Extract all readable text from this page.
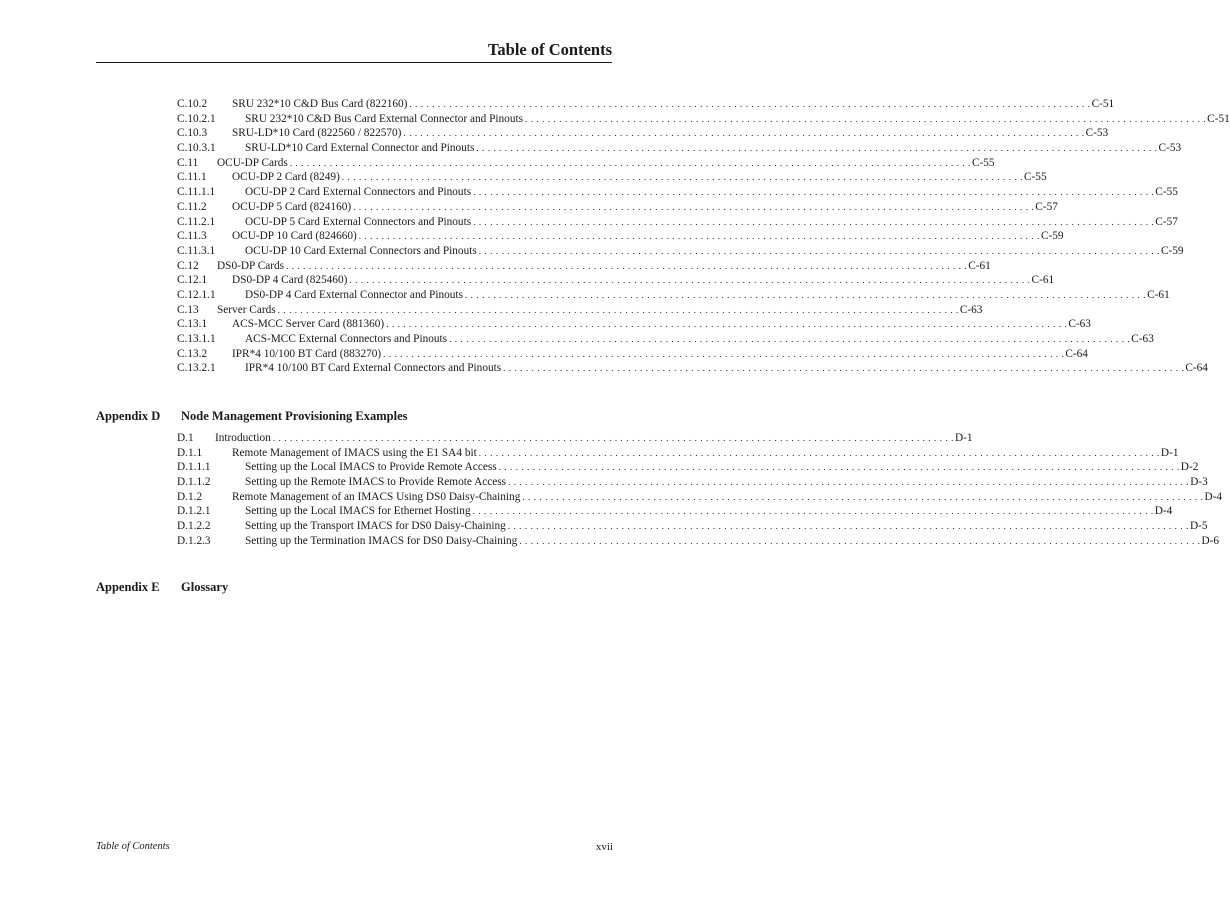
Table of Contents
C.10.2 SRU 232*10 C&D Bus Card (822160) . . . . . . . . . . . . . . . . . . . . . . . . . . . . . . . . . . . . . . . . . . . . . . . . . . . . . . . . . . . . . . . . . . . . . . . . . . . . . . . . . . . . . . . . . . . . . . . . . . . . . . . . . . . . . . . . . . . . . . . . C-51
C.10.2.1	SRU 232*10 C&D Bus Card External Connector and Pinouts . . . . . . . . . . . . . . . . . . . . . . . . . . . . . . . . . . . . . . . . . . . . . . . . . . . . . . . . . . . . . . . . . . . . . . . . . . . . . . . . . . . . . . . . . . . . . . . . . . . . . . . . . . . . . . . . . . . . . . . . C-51
C.10.3 SRU-LD*10 Card (822560 / 822570) . . . . . . . . . . . . . . . . . . . . . . . . . . . . . . . . . . . . . . . . . . . . . . . . . . . . . . . . . . . . . . . . . . . . . . . . . . . . . . . . . . . . . . . . . . . . . . . . . . . . . . . . . . . . . . . . . . . . . . . . C-53
C.10.3.1	SRU-LD*10 Card External Connector and Pinouts . . . . . . . . . . . . . . . . . . . . . . . . . . . . . . . . . . . . . . . . . . . . . . . . . . . . . . . . . . . . . . . . . . . . . . . . . . . . . . . . . . . . . . . . . . . . . . . . . . . . . . . . . . . . . . . . . . . . . . . . C-53
C.11 OCU-DP Cards . . . . . . . . . . . . . . . . . . . . . . . . . . . . . . . . . . . . . . . . . . . . . . . . . . . . . . . . . . . . . . . . . . . . . . . . . . . . . . . . . . . . . . . . . . . . . . . . . . . . . . . . . . . . . . . . . . . . . . . . C-55
C.11.1 OCU-DP 2 Card (8249) . . . . . . . . . . . . . . . . . . . . . . . . . . . . . . . . . . . . . . . . . . . . . . . . . . . . . . . . . . . . . . . . . . . . . . . . . . . . . . . . . . . . . . . . . . . . . . . . . . . . . . . . . . . . . . . . . . . . . . . . C-55
C.11.1.1	OCU-DP 2 Card External Connectors and Pinouts . . . . . . . . . . . . . . . . . . . . . . . . . . . . . . . . . . . . . . . . . . . . . . . . . . . . . . . . . . . . . . . . . . . . . . . . . . . . . . . . . . . . . . . . . . . . . . . . . . . . . . . . . . . . . . . . . . . . . . . . C-55
C.11.2 OCU-DP 5 Card (824160) . . . . . . . . . . . . . . . . . . . . . . . . . . . . . . . . . . . . . . . . . . . . . . . . . . . . . . . . . . . . . . . . . . . . . . . . . . . . . . . . . . . . . . . . . . . . . . . . . . . . . . . . . . . . . . . . . . . . . . . . C-57
C.11.2.1	OCU-DP 5 Card External Connectors and Pinouts . . . . . . . . . . . . . . . . . . . . . . . . . . . . . . . . . . . . . . . . . . . . . . . . . . . . . . . . . . . . . . . . . . . . . . . . . . . . . . . . . . . . . . . . . . . . . . . . . . . . . . . . . . . . . . . . . . . . . . . . C-57
C.11.3 OCU-DP 10 Card (824660) . . . . . . . . . . . . . . . . . . . . . . . . . . . . . . . . . . . . . . . . . . . . . . . . . . . . . . . . . . . . . . . . . . . . . . . . . . . . . . . . . . . . . . . . . . . . . . . . . . . . . . . . . . . . . . . . . . . . . . . . C-59
C.11.3.1	OCU-DP 10 Card External Connectors and Pinouts . . . . . . . . . . . . . . . . . . . . . . . . . . . . . . . . . . . . . . . . . . . . . . . . . . . . . . . . . . . . . . . . . . . . . . . . . . . . . . . . . . . . . . . . . . . . . . . . . . . . . . . . . . . . . . . . . . . . . . . . C-59
C.12 DS0-DP Cards . . . . . . . . . . . . . . . . . . . . . . . . . . . . . . . . . . . . . . . . . . . . . . . . . . . . . . . . . . . . . . . . . . . . . . . . . . . . . . . . . . . . . . . . . . . . . . . . . . . . . . . . . . . . . . . . . . . . . . . . C-61
C.12.1 DS0-DP 4 Card (825460) . . . . . . . . . . . . . . . . . . . . . . . . . . . . . . . . . . . . . . . . . . . . . . . . . . . . . . . . . . . . . . . . . . . . . . . . . . . . . . . . . . . . . . . . . . . . . . . . . . . . . . . . . . . . . . . . . . . . . . . . C-61
C.12.1.1	DS0-DP 4 Card External Connector and Pinouts . . . . . . . . . . . . . . . . . . . . . . . . . . . . . . . . . . . . . . . . . . . . . . . . . . . . . . . . . . . . . . . . . . . . . . . . . . . . . . . . . . . . . . . . . . . . . . . . . . . . . . . . . . . . . . . . . . . . . . . . C-61
C.13 Server Cards . . . . . . . . . . . . . . . . . . . . . . . . . . . . . . . . . . . . . . . . . . . . . . . . . . . . . . . . . . . . . . . . . . . . . . . . . . . . . . . . . . . . . . . . . . . . . . . . . . . . . . . . . . . . . . . . . . . . . . . . C-63
C.13.1 ACS-MCC Server Card (881360) . . . . . . . . . . . . . . . . . . . . . . . . . . . . . . . . . . . . . . . . . . . . . . . . . . . . . . . . . . . . . . . . . . . . . . . . . . . . . . . . . . . . . . . . . . . . . . . . . . . . . . . . . . . . . . . . . . . . . . . . C-63
C.13.1.1	ACS-MCC External Connectors and Pinouts . . . . . . . . . . . . . . . . . . . . . . . . . . . . . . . . . . . . . . . . . . . . . . . . . . . . . . . . . . . . . . . . . . . . . . . . . . . . . . . . . . . . . . . . . . . . . . . . . . . . . . . . . . . . . . . . . . . . . . . . C-63
C.13.2 IPR*4 10/100 BT Card (883270) . . . . . . . . . . . . . . . . . . . . . . . . . . . . . . . . . . . . . . . . . . . . . . . . . . . . . . . . . . . . . . . . . . . . . . . . . . . . . . . . . . . . . . . . . . . . . . . . . . . . . . . . . . . . . . . . . . . . . . . . C-64
C.13.2.1	IPR*4 10/100 BT Card External Connectors and Pinouts . . . . . . . . . . . . . . . . . . . . . . . . . . . . . . . . . . . . . . . . . . . . . . . . . . . . . . . . . . . . . . . . . . . . . . . . . . . . . . . . . . . . . . . . . . . . . . . . . . . . . . . . . . . . . . . . . . . . . . . . C-64
Appendix D Node Management Provisioning Examples
D.1 Introduction . . . . . . . . . . . . . . . . . . . . . . . . . . . . . . . . . . . . . . . . . . . . . . . . . . . . . . . . . . . . . . . . . . . . . . . . . . . . . . . . . . . . . . . . . . . . . . . . . . . . . . . . . . . . . . . . . . . . . . . . D-1
D.1.1	Remote Management of IMACS using the E1 SA4 bit . . . . . . . . . . . . . . . . . . . . . . . . . . . . . . . . . . . . . . . . . . . . . . . . . . . . . . . . . . . . . . . . . . . . . . . . . . . . . . . . . . . . . . . . . . . . . . . . . . . . . . . . . . . . . . . . . . . . . . . . D-1
D.1.1.1	Setting up the Local IMACS to Provide Remote Access . . . . . . . . . . . . . . . . . . . . . . . . . . . . . . . . . . . . . . . . . . . . . . . . . . . . . . . . . . . . . . . . . . . . . . . . . . . . . . . . . . . . . . . . . . . . . . . . . . . . . . . . . . . . . . . . . . . . . . . . D-2
D.1.1.2	Setting up the Remote IMACS to Provide Remote Access . . . . . . . . . . . . . . . . . . . . . . . . . . . . . . . . . . . . . . . . . . . . . . . . . . . . . . . . . . . . . . . . . . . . . . . . . . . . . . . . . . . . . . . . . . . . . . . . . . . . . . . . . . . . . . . . . . . . . . . . D-3
D.1.2	Remote Management of an IMACS Using DS0 Daisy-Chaining . . . . . . . . . . . . . . . . . . . . . . . . . . . . . . . . . . . . . . . . . . . . . . . . . . . . . . . . . . . . . . . . . . . . . . . . . . . . . . . . . . . . . . . . . . . . . . . . . . . . . . . . . . . . . . . . . . . . . . . . D-4
D.1.2.1	Setting up the Local IMACS for Ethernet Hosting . . . . . . . . . . . . . . . . . . . . . . . . . . . . . . . . . . . . . . . . . . . . . . . . . . . . . . . . . . . . . . . . . . . . . . . . . . . . . . . . . . . . . . . . . . . . . . . . . . . . . . . . . . . . . . . . . . . . . . . . D-4
D.1.2.2	Setting up the Transport IMACS for DS0 Daisy-Chaining . . . . . . . . . . . . . . . . . . . . . . . . . . . . . . . . . . . . . . . . . . . . . . . . . . . . . . . . . . . . . . . . . . . . . . . . . . . . . . . . . . . . . . . . . . . . . . . . . . . . . . . . . . . . . . . . . . . . . . . . D-5
D.1.2.3	Setting up the Termination IMACS for DS0 Daisy-Chaining . . . . . . . . . . . . . . . . . . . . . . . . . . . . . . . . . . . . . . . . . . . . . . . . . . . . . . . . . . . . . . . . . . . . . . . . . . . . . . . . . . . . . . . . . . . . . . . . . . . . . . . . . . . . . . . . . . . . . . . . D-6
Appendix E Glossary
Table of Contents	xvii
